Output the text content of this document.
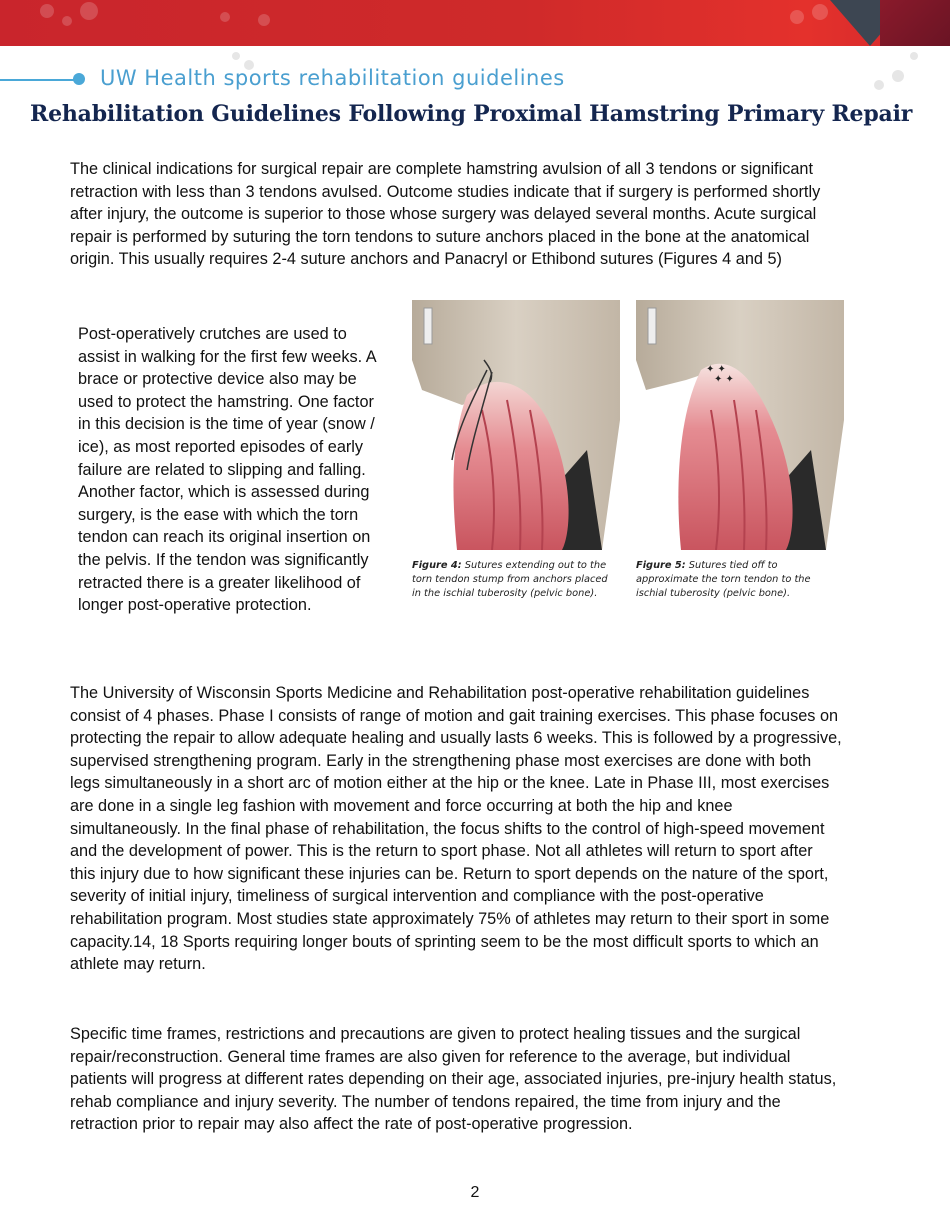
UW Health sports rehabilitation guidelines
Rehabilitation Guidelines Following Proximal Hamstring Primary Repair
The clinical indications for surgical repair are complete hamstring avulsion of all 3 tendons or significant retraction with less than 3 tendons avulsed. Outcome studies indicate that if surgery is performed shortly after injury, the outcome is superior to those whose surgery was delayed several months. Acute surgical repair is performed by suturing the torn tendons to suture anchors placed in the bone at the anatomical origin. This usually requires 2-4 suture anchors and Panacryl or Ethibond sutures (Figures 4 and 5)
Post-operatively crutches are used to assist in walking for the first few weeks. A brace or protective device also may be used to protect the hamstring. One factor in this decision is the time of year (snow / ice), as most reported episodes of early failure are related to slipping and falling. Another factor, which is assessed during surgery, is the ease with which the torn tendon can reach its original insertion on the pelvis. If the tendon was significantly retracted there is a greater likelihood of longer post-operative protection.
Figure 4: Sutures extending out to the torn tendon stump from anchors placed in the ischial tuberosity (pelvic bone).
✦ ✦
✦ ✦
Figure 5: Sutures tied off to approximate the torn tendon to the ischial tuberosity (pelvic bone).
The University of Wisconsin Sports Medicine and Rehabilitation post-operative rehabilitation guidelines consist of 4 phases. Phase I consists of range of motion and gait training exercises. This phase focuses on protecting the repair to allow adequate healing and usually lasts 6 weeks. This is followed by a progressive, supervised strengthening program. Early in the strengthening phase most exercises are done with both legs simultaneously in a short arc of motion either at the hip or the knee. Late in Phase III, most exercises are done in a single leg fashion with movement and force occurring at both the hip and knee simultaneously. In the final phase of rehabilitation, the focus shifts to the control of high-speed movement and the development of power. This is the return to sport phase. Not all athletes will return to sport after this injury due to how significant these injuries can be. Return to sport depends on the nature of the sport, severity of initial injury, timeliness of surgical intervention and compliance with the post-operative rehabilitation program. Most studies state approximately 75% of athletes may return to their sport in some capacity.14, 18 Sports requiring longer bouts of sprinting seem to be the most difficult sports to which an athlete may return.
Specific time frames, restrictions and precautions are given to protect healing tissues and the surgical repair/reconstruction. General time frames are also given for reference to the average, but individual patients will progress at different rates depending on their age, associated injuries, pre-injury health status, rehab compliance and injury severity. The number of tendons repaired, the time from injury and the retraction prior to repair may also affect the rate of post-operative progression.
2
